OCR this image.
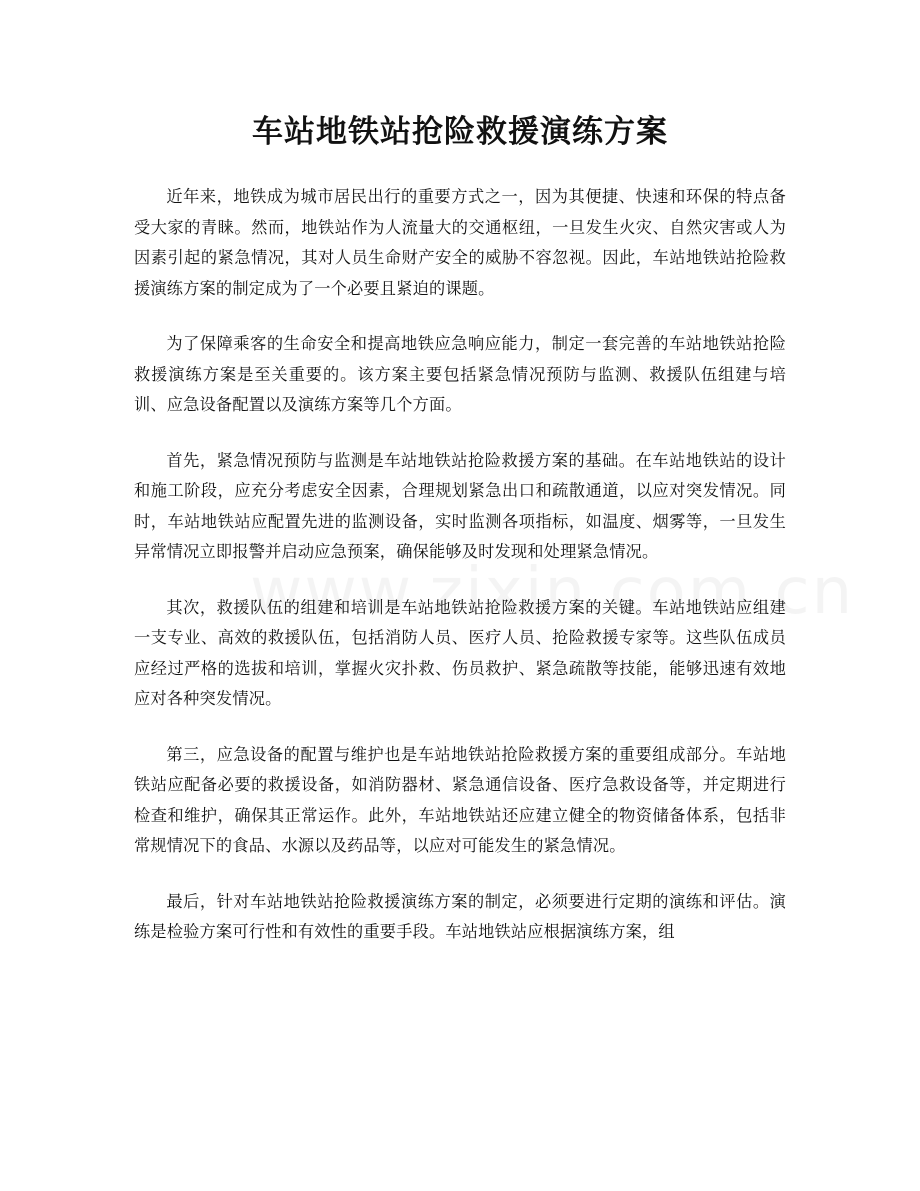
车站地铁站抢险救援演练方案

近年来，地铁成为城市居民出行的重要方式之一，因为其便捷、快速和环保的特点备受大家的青睐。然而，地铁站作为人流量大的交通枢纽，一旦发生火灾、自然灾害或人为因素引起的紧急情况，其对人员生命财产安全的威胁不容忽视。因此，车站地铁站抢险救援演练方案的制定成为了一个必要且紧迫的课题。

为了保障乘客的生命安全和提高地铁应急响应能力，制定一套完善的车站地铁站抢险救援演练方案是至关重要的。该方案主要包括紧急情况预防与监测、救援队伍组建与培训、应急设备配置以及演练方案等几个方面。

首先，紧急情况预防与监测是车站地铁站抢险救援方案的基础。在车站地铁站的设计和施工阶段，应充分考虑安全因素，合理规划紧急出口和疏散通道，以应对突发情况。同时，车站地铁站应配置先进的监测设备，实时监测各项指标，如温度、烟雾等，一旦发生异常情况立即报警并启动应急预案，确保能够及时发现和处理紧急情况。

其次，救援队伍的组建和培训是车站地铁站抢险救援方案的关键。车站地铁站应组建一支专业、高效的救援队伍，包括消防人员、医疗人员、抢险救援专家等。这些队伍成员应经过严格的选拔和培训，掌握火灾扑救、伤员救护、紧急疏散等技能，能够迅速有效地应对各种突发情况。

第三，应急设备的配置与维护也是车站地铁站抢险救援方案的重要组成部分。车站地铁站应配备必要的救援设备，如消防器材、紧急通信设备、医疗急救设备等，并定期进行检查和维护，确保其正常运作。此外，车站地铁站还应建立健全的物资储备体系，包括非常规情况下的食品、水源以及药品等，以应对可能发生的紧急情况。

最后，针对车站地铁站抢险救援演练方案的制定，必须要进行定期的演练和评估。演练是检验方案可行性和有效性的重要手段。车站地铁站应根据演练方案，组
